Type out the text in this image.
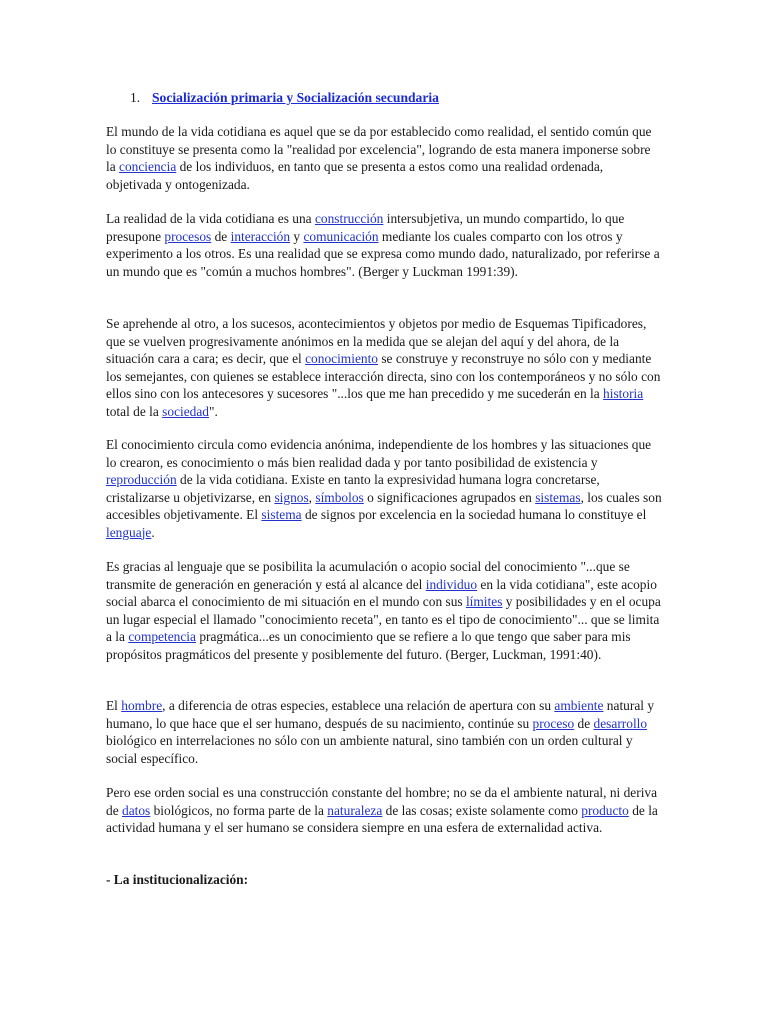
1. Socialización primaria y Socialización secundaria

El mundo de la vida cotidiana es aquel que se da por establecido como realidad, el sentido común que lo constituye se presenta como la "realidad por excelencia", logrando de esta manera imponerse sobre la conciencia de los individuos, en tanto que se presenta a estos como una realidad ordenada, objetivada y ontogenizada.

La realidad de la vida cotidiana es una construcción intersubjetiva, un mundo compartido, lo que presupone procesos de interacción y comunicación mediante los cuales comparto con los otros y experimento a los otros. Es una realidad que se expresa como mundo dado, naturalizado, por referirse a un mundo que es "común a muchos hombres". (Berger y Luckman 1991:39).

Se aprehende al otro, a los sucesos, acontecimientos y objetos por medio de Esquemas Tipificadores, que se vuelven progresivamente anónimos en la medida que se alejan del aquí y del ahora, de la situación cara a cara; es decir, que el conocimiento se construye y reconstruye no sólo con y mediante los semejantes, con quienes se establece interacción directa, sino con los contemporáneos y no sólo con ellos sino con los antecesores y sucesores "...los que me han precedido y me sucederán en la historia total de la sociedad".

El conocimiento circula como evidencia anónima, independiente de los hombres y las situaciones que lo crearon, es conocimiento o más bien realidad dada y por tanto posibilidad de existencia y reproducción de la vida cotidiana. Existe en tanto la expresividad humana logra concretarse, cristalizarse u objetivizarse, en signos, símbolos o significaciones agrupados en sistemas, los cuales son accesibles objetivamente. El sistema de signos por excelencia en la sociedad humana lo constituye el lenguaje.

Es gracias al lenguaje que se posibilita la acumulación o acopio social del conocimiento "...que se transmite de generación en generación y está al alcance del individuo en la vida cotidiana", este acopio social abarca el conocimiento de mi situación en el mundo con sus límites y posibilidades y en el ocupa un lugar especial el llamado "conocimiento receta", en tanto es el tipo de conocimiento"... que se limita a la competencia pragmática...es un conocimiento que se refiere a lo que tengo que saber para mis propósitos pragmáticos del presente y posiblemente del futuro. (Berger, Luckman, 1991:40).

El hombre, a diferencia de otras especies, establece una relación de apertura con su ambiente natural y humano, lo que hace que el ser humano, después de su nacimiento, continúe su proceso de desarrollo biológico en interrelaciones no sólo con un ambiente natural, sino también con un orden cultural y social específico.

Pero ese orden social es una construcción constante del hombre; no se da el ambiente natural, ni deriva de datos biológicos, no forma parte de la naturaleza de las cosas; existe solamente como producto de la actividad humana y el ser humano se considera siempre en una esfera de externalidad activa.

- La institucionalización:
